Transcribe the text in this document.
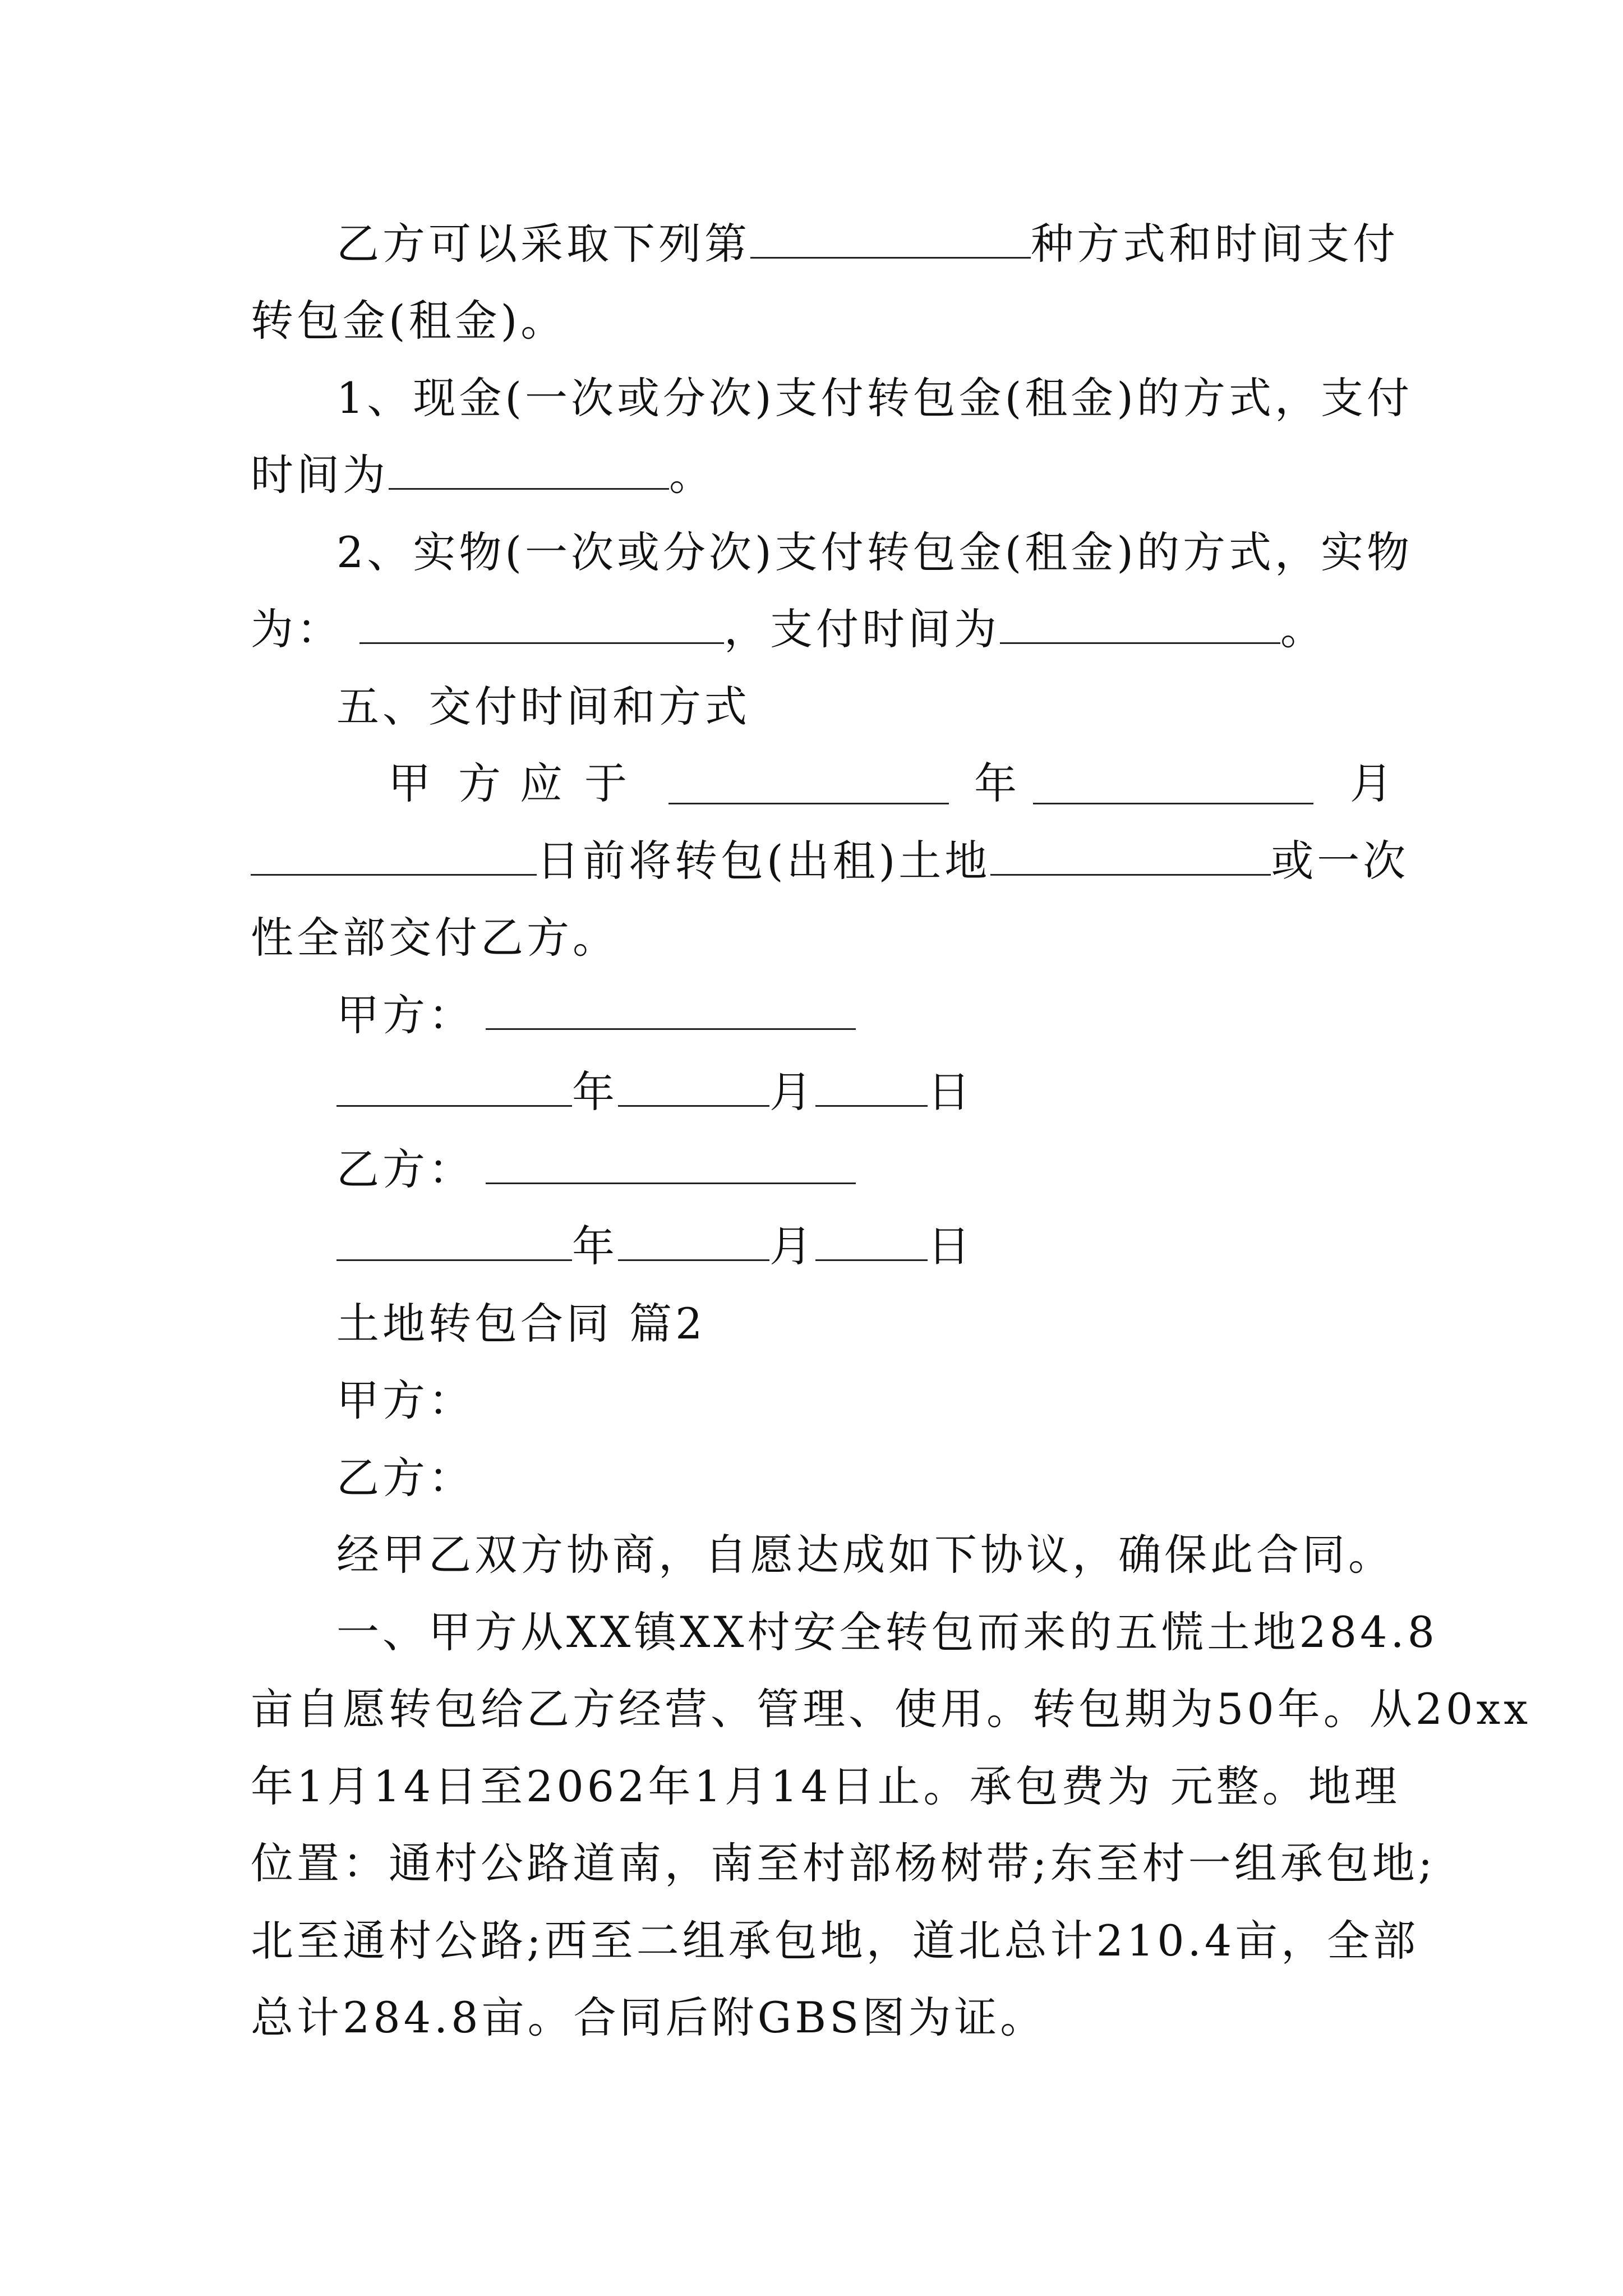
乙方可以采取下列第	种方式和时间支付
转包金(租金)。
1、现金(一次或分次)支付转包金(租金)的方式，支付
时间为	。
2、实物(一次或分次)支付转包金(租金)的方式，实物
为：	，支付时间为	。
五、交付时间和方式
甲 方 应 于	年	月
日前将转包(出租)土地	或一次
性全部交付乙方。
甲方：
年	月	日
乙方：
年	月	日
土地转包合同 篇2
甲方：
乙方：
经甲乙双方协商，自愿达成如下协议，确保此合同。
一、甲方从XX镇XX村安全转包而来的五慌土地284.8
亩自愿转包给乙方经营、管理、使用。转包期为50年。从20xx
年1月14日至2062年1月14日止。承包费为 元整。地理
位置：通村公路道南，南至村部杨树带;东至村一组承包地;
北至通村公路;西至二组承包地，道北总计210.4亩，全部
总计284.8亩。合同后附GBS图为证。
